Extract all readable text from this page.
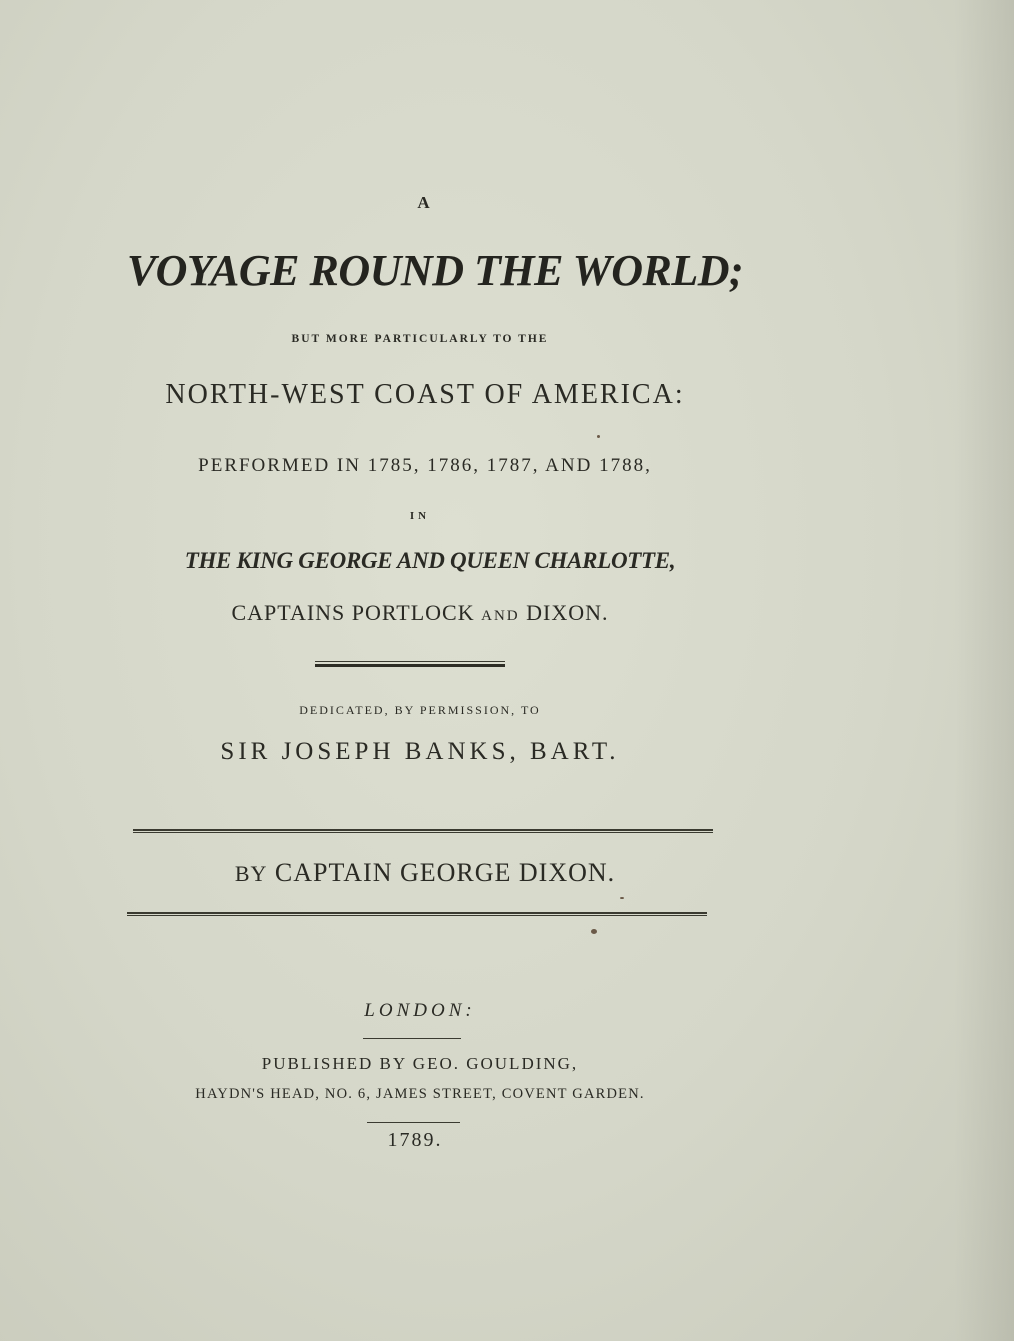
A
VOYAGE ROUND THE WORLD;
BUT MORE PARTICULARLY TO THE
NORTH-WEST COAST OF AMERICA:
PERFORMED IN 1785, 1786, 1787, AND 1788,
IN
THE KING GEORGE AND QUEEN CHARLOTTE,
CAPTAINS PORTLOCK AND DIXON.
DEDICATED, BY PERMISSION, TO
SIR JOSEPH BANKS, BART.
BY CAPTAIN GEORGE DIXON.
LONDON:
PUBLISHED BY GEO. GOULDING,
HAYDN'S HEAD, NO. 6, JAMES STREET, COVENT GARDEN.
1789.
